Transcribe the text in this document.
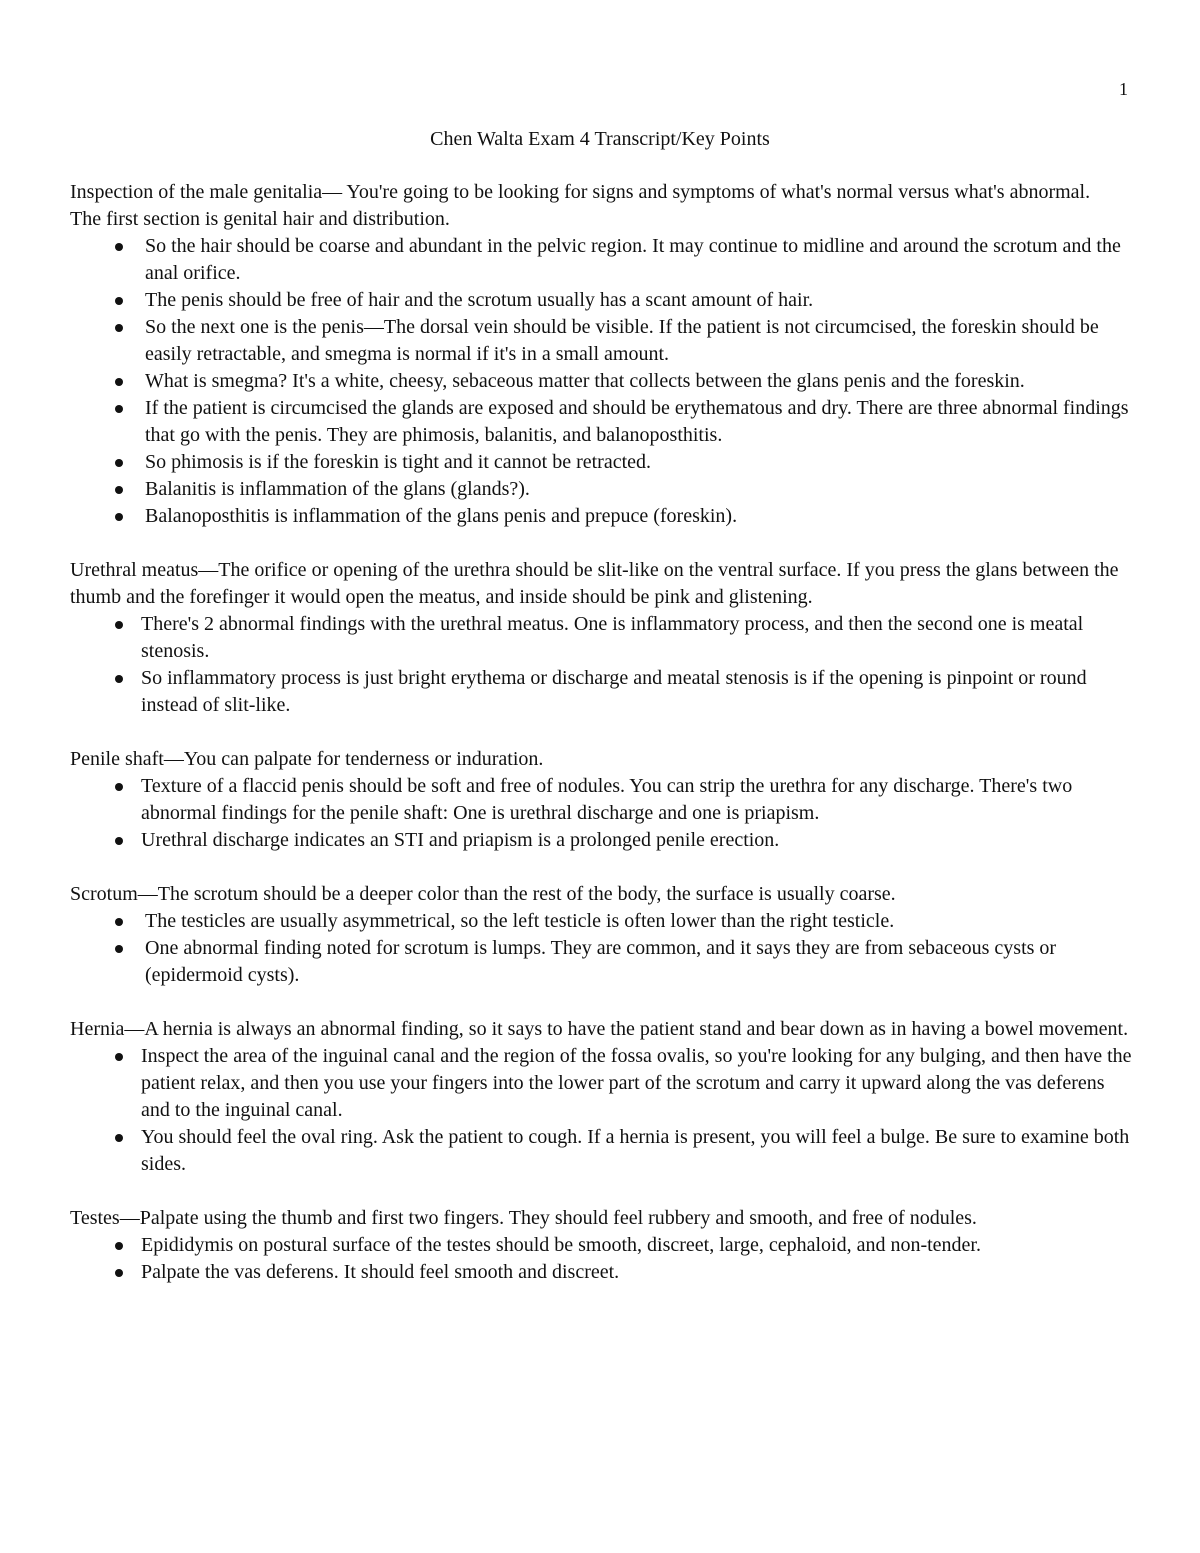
1
Chen Walta Exam 4 Transcript/Key Points

Inspection of the male genitalia— You're going to be looking for signs and symptoms of what's normal versus what's abnormal.

The first section is genital hair and distribution.

So the hair should be coarse and abundant in the pelvic region. It may continue to midline and around the scrotum and the anal orifice.
The penis should be free of hair and the scrotum usually has a scant amount of hair.
So the next one is the penis—The dorsal vein should be visible. If the patient is not circumcised, the foreskin should be easily retractable, and smegma is normal if it's in a small amount.
What is smegma? It's a white, cheesy, sebaceous matter that collects between the glans penis and the foreskin.
If the patient is circumcised the glands are exposed and should be erythematous and dry. There are three abnormal findings that go with the penis. They are phimosis, balanitis, and balanoposthitis.
So phimosis is if the foreskin is tight and it cannot be retracted.
Balanitis is inflammation of the glans (glands?).
Balanoposthitis is inflammation of the glans penis and prepuce (foreskin).

Urethral meatus—The orifice or opening of the urethra should be slit-like on the ventral surface. If you press the glans between the thumb and the forefinger it would open the meatus, and inside should be pink and glistening.

There's 2 abnormal findings with the urethral meatus. One is inflammatory process, and then the second one is meatal stenosis.
So inflammatory process is just bright erythema or discharge and meatal stenosis is if the opening is pinpoint or round instead of slit-like.

Penile shaft—You can palpate for tenderness or induration.

Texture of a flaccid penis should be soft and free of nodules. You can strip the urethra for any discharge. There's two abnormal findings for the penile shaft: One is urethral discharge and one is priapism.
Urethral discharge indicates an STI and priapism is a prolonged penile erection.

Scrotum—The scrotum should be a deeper color than the rest of the body, the surface is usually coarse.

The testicles are usually asymmetrical, so the left testicle is often lower than the right testicle.
One abnormal finding noted for scrotum is lumps. They are common, and it says they are from sebaceous cysts or (epidermoid cysts).

Hernia—A hernia is always an abnormal finding, so it says to have the patient stand and bear down as in having a bowel movement.

Inspect the area of the inguinal canal and the region of the fossa ovalis, so you're looking for any bulging, and then have the patient relax, and then you use your fingers into the lower part of the scrotum and carry it upward along the vas deferens and to the inguinal canal.
You should feel the oval ring. Ask the patient to cough. If a hernia is present, you will feel a bulge. Be sure to examine both sides.

Testes—Palpate using the thumb and first two fingers. They should feel rubbery and smooth, and free of nodules.

Epididymis on postural surface of the testes should be smooth, discreet, large, cephaloid, and non-tender.
Palpate the vas deferens. It should feel smooth and discreet.
